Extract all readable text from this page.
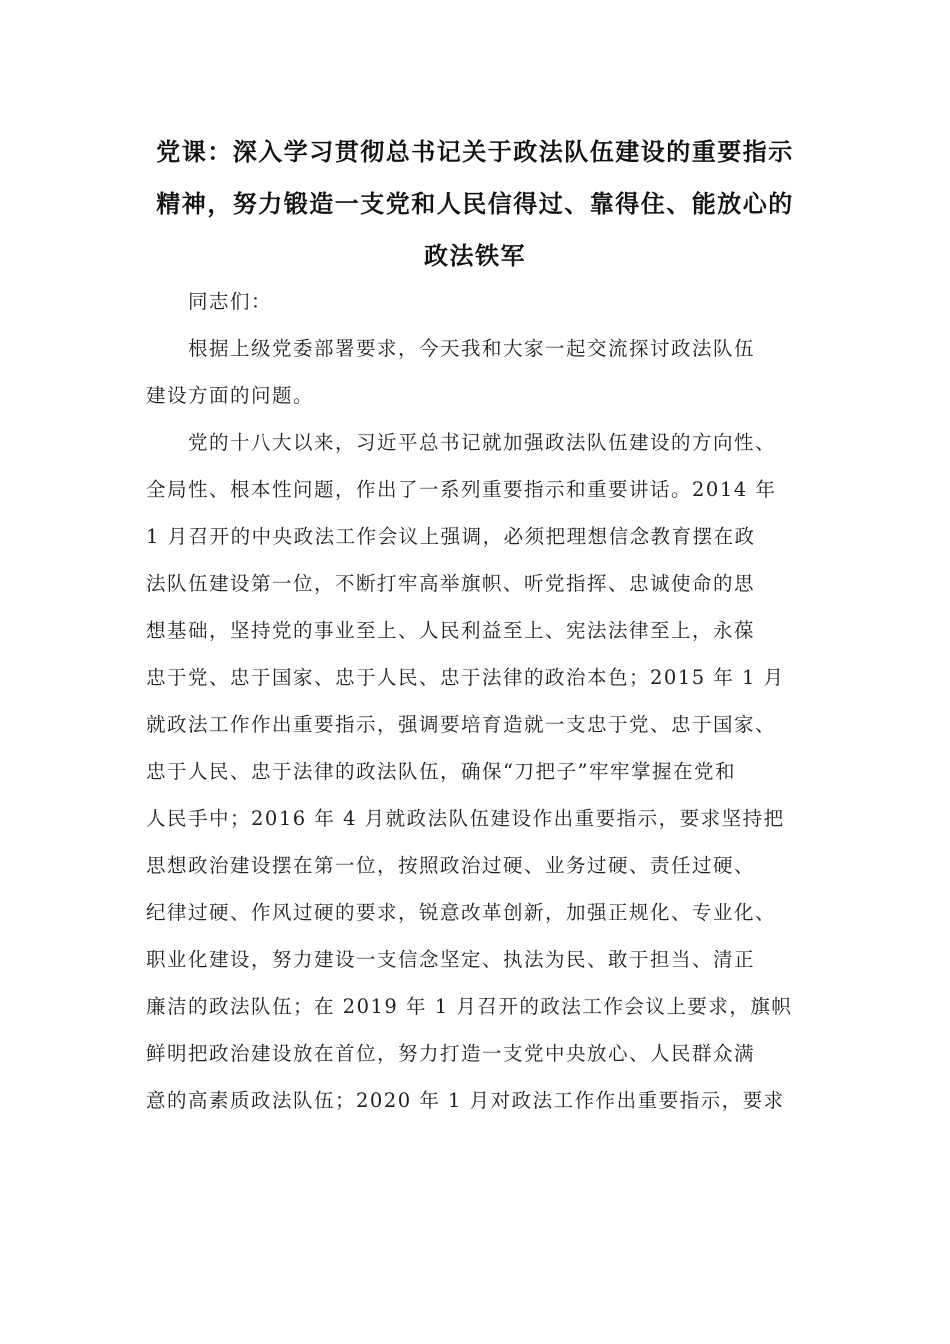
党课：深入学习贯彻总书记关于政法队伍建设的重要指示
精神，努力锻造一支党和人民信得过、靠得住、能放心的
政法铁军
同志们：
根据上级党委部署要求，今天我和大家一起交流探讨政法队伍
建设方面的问题。
党的十八大以来，习近平总书记就加强政法队伍建设的方向性、
全局性、根本性问题，作出了一系列重要指示和重要讲话。2014 年
1 月召开的中央政法工作会议上强调，必须把理想信念教育摆在政
法队伍建设第一位，不断打牢高举旗帜、听党指挥、忠诚使命的思
想基础，坚持党的事业至上、人民利益至上、宪法法律至上，永葆
忠于党、忠于国家、忠于人民、忠于法律的政治本色；2015 年 1 月
就政法工作作出重要指示，强调要培育造就一支忠于党、忠于国家、
忠于人民、忠于法律的政法队伍，确保“刀把子”牢牢掌握在党和
人民手中；2016 年 4 月就政法队伍建设作出重要指示，要求坚持把
思想政治建设摆在第一位，按照政治过硬、业务过硬、责任过硬、
纪律过硬、作风过硬的要求，锐意改革创新，加强正规化、专业化、
职业化建设，努力建设一支信念坚定、执法为民、敢于担当、清正
廉洁的政法队伍；在 2019 年 1 月召开的政法工作会议上要求，旗帜
鲜明把政治建设放在首位，努力打造一支党中央放心、人民群众满
意的高素质政法队伍；2020 年 1 月对政法工作作出重要指示，要求
